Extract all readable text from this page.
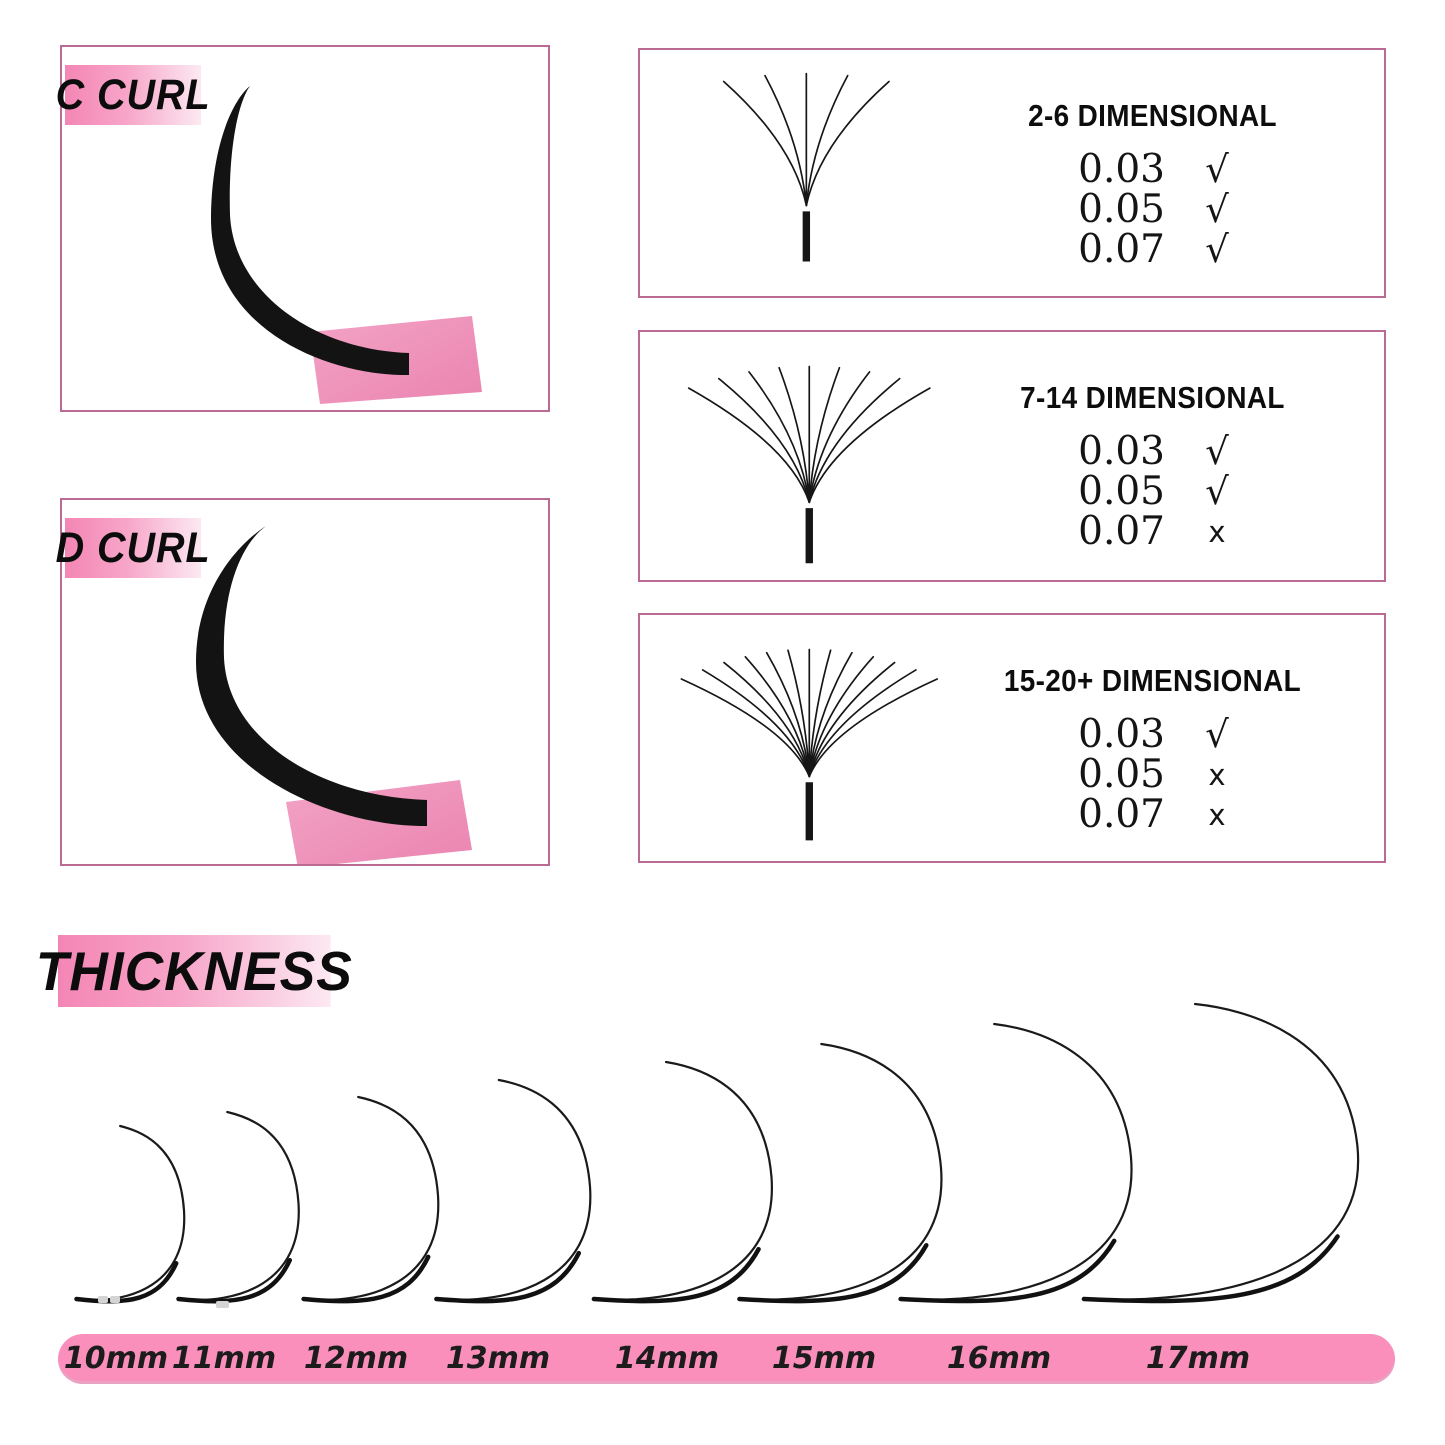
C CURL
D CURL
2-6 DIMENSIONAL
0.03	√
0.05	√
0.07	√
7-14 DIMENSIONAL
0.03	√
0.05	√
0.07	x
15-20+ DIMENSIONAL
0.03	√
0.05	x
0.07	x
THICKNESS
10mm 11mm 12mm	13mm	14mm	15mm	16mm	17mm
